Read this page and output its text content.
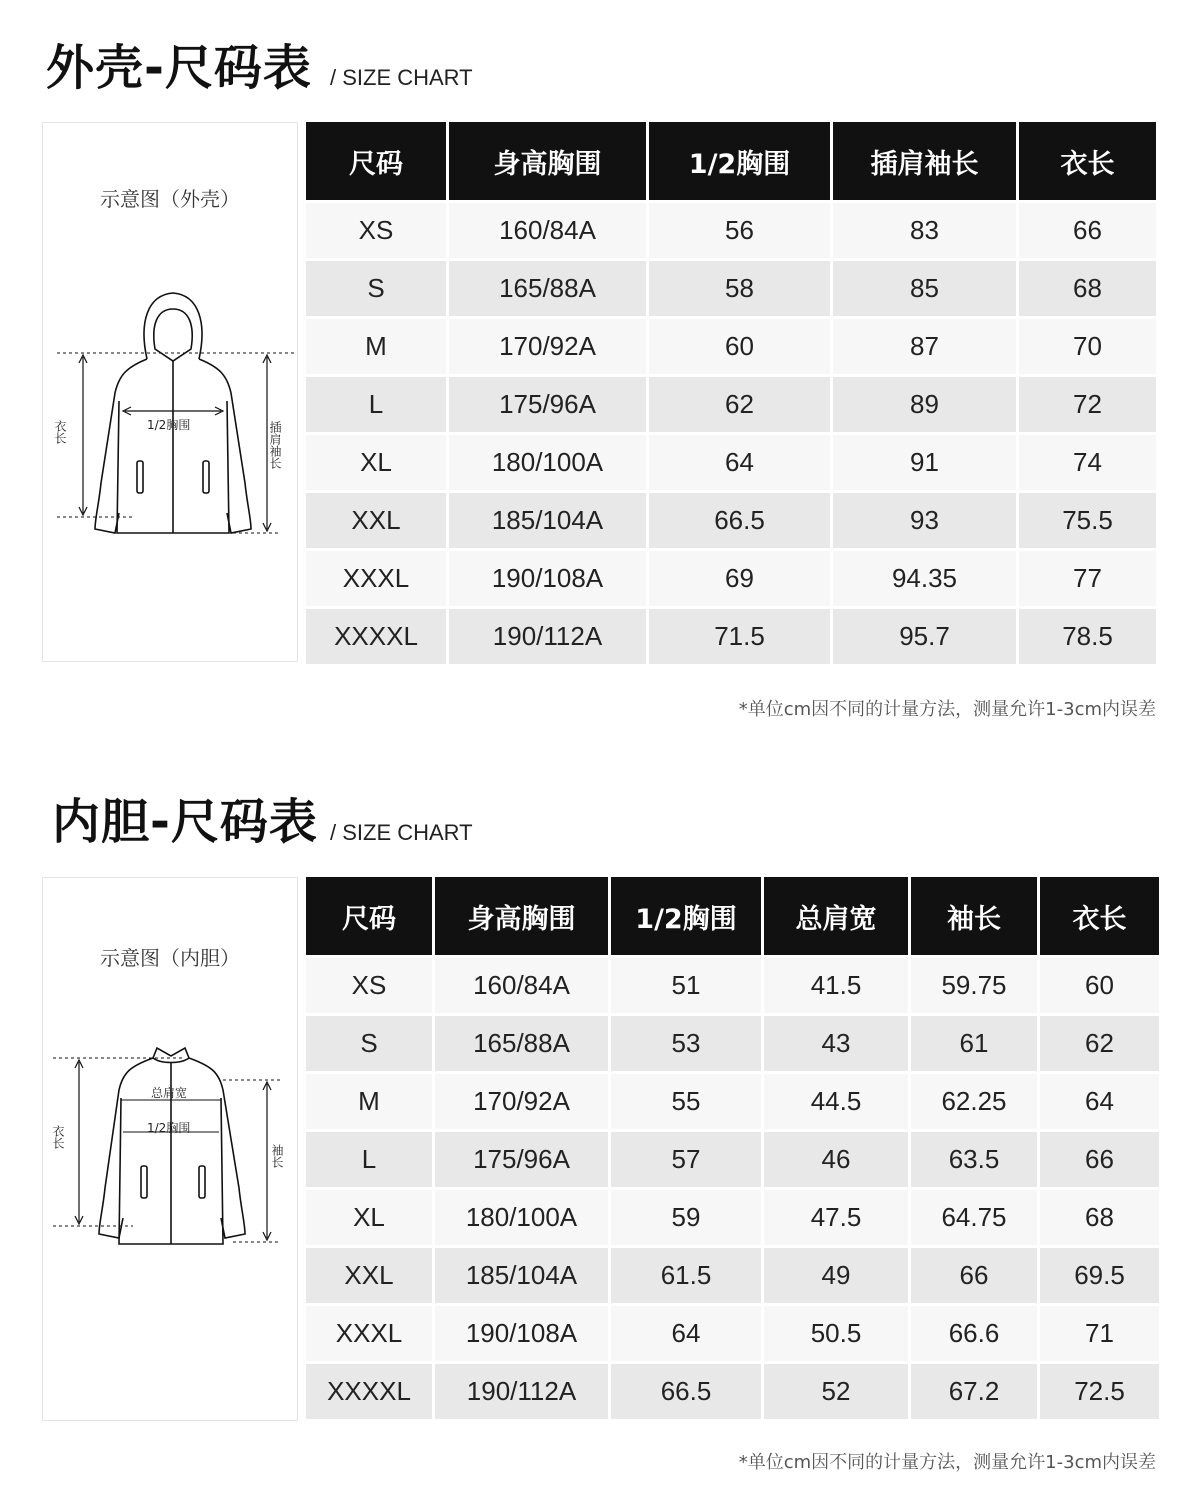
外壳-尺码表 / SIZE CHART
示意图（外壳）
衣长	1/2胸围	插肩袖长
尺码	身高胸围	1/2胸围	插肩袖长	衣长
XS	160/84A	56	83	66
S	165/88A	58	85	68
M	170/92A	60	87	70
L	175/96A	62	89	72
XL	180/100A	64	91	74
XXL	185/104A	66.5	93	75.5
XXXL	190/108A	69	94.35	77
XXXXL	190/112A	71.5	95.7	78.5
*单位cm因不同的计量方法，测量允许1-3cm内误差
内胆-尺码表 / SIZE CHART
示意图（内胆）
衣长
总肩宽
1/2胸围
袖长
尺码	身高胸围	1/2胸围	总肩宽	袖长	衣长
XS	160/84A	51	41.5	59.75	60
S	165/88A	53	43	61	62
M	170/92A	55	44.5	62.25	64
L	175/96A	57	46	63.5	66
XL	180/100A	59	47.5	64.75	68
XXL	185/104A	61.5	49	66	69.5
XXXL	190/108A	64	50.5	66.6	71
XXXXL	190/112A	66.5	52	67.2	72.5
*单位cm因不同的计量方法，测量允许1-3cm内误差
